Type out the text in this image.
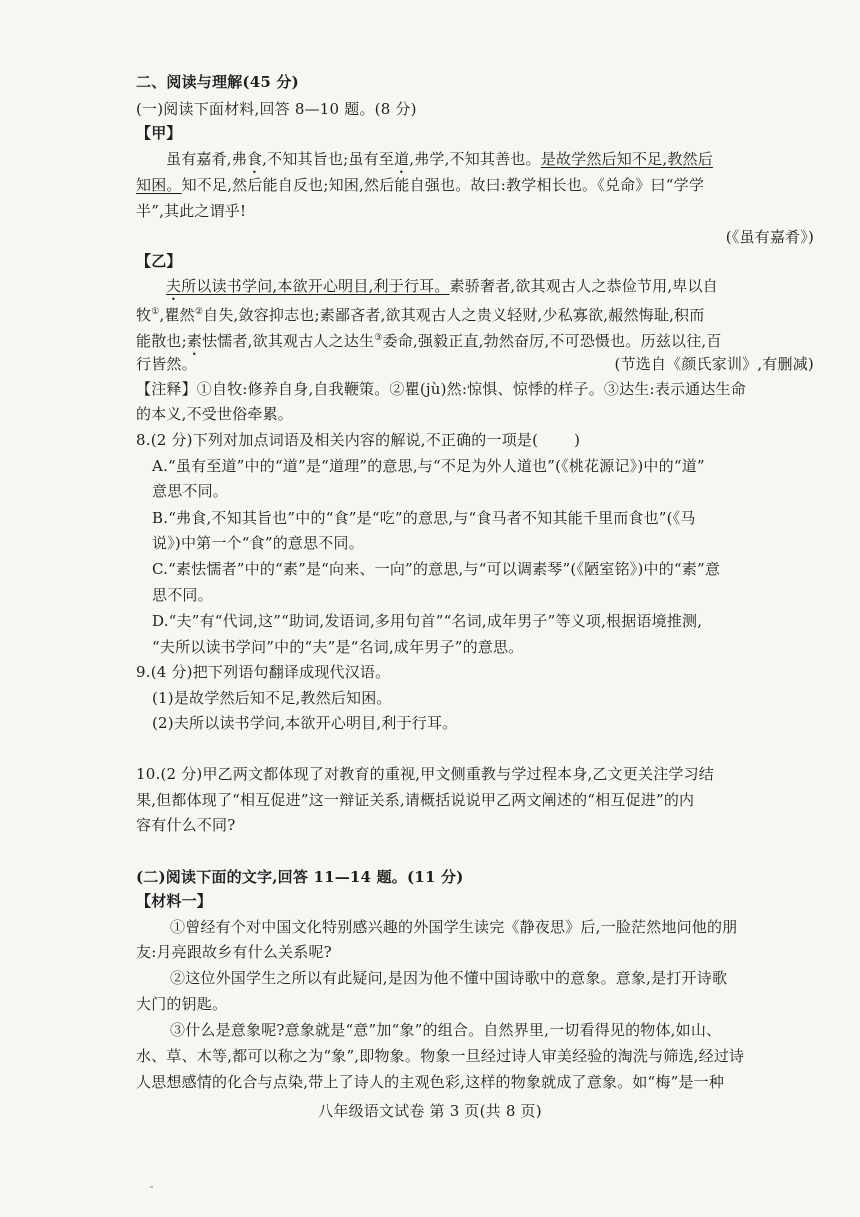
二、阅读与理解(45 分)
(一)阅读下面材料,回答 8—10 题。(8 分)
【甲】
虽有嘉肴,弗食,不知其旨也;虽有至道,弗学,不知其善也。是故学然后知不足,教然后
知困。知不足,然后能自反也;知困,然后能自强也。故曰:教学相长也。《兑命》曰“学学
半”,其此之谓乎!
(《虽有嘉肴》)
【乙】
夫所以读书学问,本欲开心明目,利于行耳。素骄奢者,欲其观古人之恭俭节用,卑以自
牧①,瞿然②自失,敛容抑志也;素鄙吝者,欲其观古人之贵义轻财,少私寡欲,赧然悔耻,积而
能散也;素怯懦者,欲其观古人之达生③委命,强毅正直,勃然奋厉,不可恐慑也。历兹以往,百
行皆然。	(节选自《颜氏家训》,有删减)
【注释】①自牧:修养自身,自我鞭策。②瞿(jù)然:惊惧、惊悸的样子。③达生:表示通达生命
的本义,不受世俗牵累。
8.(2 分)下列对加点词语及相关内容的解说,不正确的一项是( )
A.“虽有至道”中的“道”是“道理”的意思,与“不足为外人道也”(《桃花源记》)中的“道”
意思不同。
B.“弗食,不知其旨也”中的“食”是“吃”的意思,与“食马者不知其能千里而食也”(《马
说》)中第一个“食”的意思不同。
C.“素怯懦者”中的“素”是“向来、一向”的意思,与“可以调素琴”(《陋室铭》)中的“素”意
思不同。
D.“夫”有“代词,这”“助词,发语词,多用句首”“名词,成年男子”等义项,根据语境推测,
“夫所以读书学问”中的“夫”是“名词,成年男子”的意思。
9.(4 分)把下列语句翻译成现代汉语。
(1)是故学然后知不足,教然后知困。
(2)夫所以读书学问,本欲开心明目,利于行耳。
10.(2 分)甲乙两文都体现了对教育的重视,甲文侧重教与学过程本身,乙文更关注学习结
果,但都体现了“相互促进”这一辩证关系,请概括说说甲乙两文阐述的“相互促进”的内
容有什么不同?
(二)阅读下面的文字,回答 11—14 题。(11 分)
【材料一】
①曾经有个对中国文化特别感兴趣的外国学生读完《静夜思》后,一脸茫然地问他的朋
友:月亮跟故乡有什么关系呢?
②这位外国学生之所以有此疑问,是因为他不懂中国诗歌中的意象。意象,是打开诗歌
大门的钥匙。
③什么是意象呢?意象就是“意”加“象”的组合。自然界里,一切看得见的物体,如山、
水、草、木等,都可以称之为“象”,即物象。物象一旦经过诗人审美经验的淘洗与筛选,经过诗
人思想感情的化合与点染,带上了诗人的主观色彩,这样的物象就成了意象。如“梅”是一种
八年级语文试卷 第 3 页(共 8 页)
